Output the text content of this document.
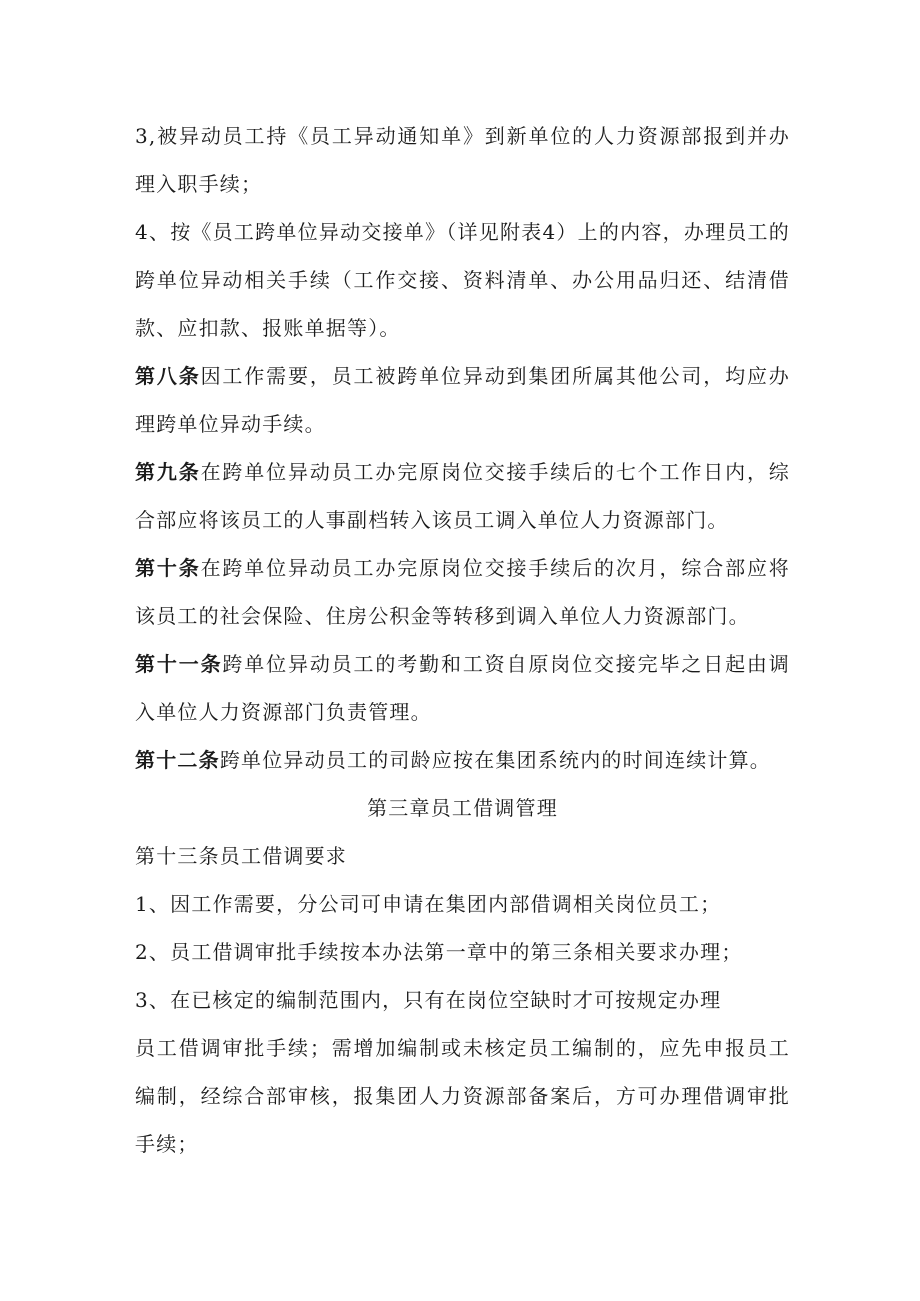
3,被异动员工持《员工异动通知单》到新单位的人力资源部报到并办理入职手续；

4、按《员工跨单位异动交接单》（详见附表4）上的内容，办理员工的跨单位异动相关手续（工作交接、资料清单、办公用品归还、结清借款、应扣款、报账单据等）。

第八条因工作需要，员工被跨单位异动到集团所属其他公司，均应办理跨单位异动手续。

第九条在跨单位异动员工办完原岗位交接手续后的七个工作日内，综合部应将该员工的人事副档转入该员工调入单位人力资源部门。

第十条在跨单位异动员工办完原岗位交接手续后的次月，综合部应将该员工的社会保险、住房公积金等转移到调入单位人力资源部门。

第十一条跨单位异动员工的考勤和工资自原岗位交接完毕之日起由调入单位人力资源部门负责管理。

第十二条跨单位异动员工的司龄应按在集团系统内的时间连续计算。

第三章员工借调管理

第十三条员工借调要求

1、因工作需要，分公司可申请在集团内部借调相关岗位员工；

2、员工借调审批手续按本办法第一章中的第三条相关要求办理；

3、在已核定的编制范围内，只有在岗位空缺时才可按规定办理

员工借调审批手续；需增加编制或未核定员工编制的，应先申报员工编制，经综合部审核，报集团人力资源部备案后，方可办理借调审批手续；
